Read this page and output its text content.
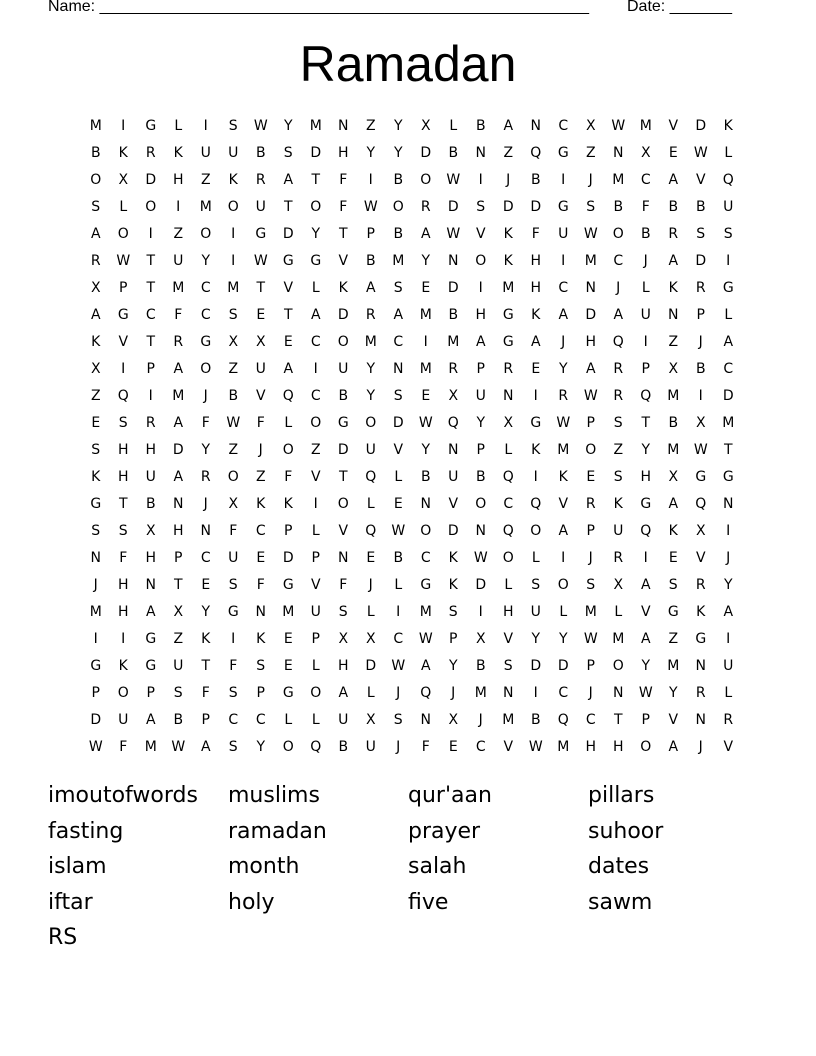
Name: _______________________________________________________ Date: _______
Ramadan
M	I	G	L	I	S	W	Y	M	N	Z	Y	X	L	B	A	N	C	X	W	M	V	D	K
B	K	R	K	U	U	B	S	D	H	Y	Y	D	B	N	Z	Q	G	Z	N	X	E	W	L
O	X	D	H	Z	K	R	A	T	F	I	B	O	W	I	J	B	I	J	M	C	A	V	Q
S	L	O	I	M	O	U	T	O	F	W	O	R	D	S	D	D	G	S	B	F	B	B	U
A	O	I	Z	O	I	G	D	Y	T	P	B	A	W	V	K	F	U	W	O	B	R	S	S
R	W	T	U	Y	I	W	G	G	V	B	M	Y	N	O	K	H	I	M	C	J	A	D	I
X	P	T	M	C	M	T	V	L	K	A	S	E	D	I	M	H	C	N	J	L	K	R	G
A	G	C	F	C	S	E	T	A	D	R	A	M	B	H	G	K	A	D	A	U	N	P	L
K	V	T	R	G	X	X	E	C	O	M	C	I	M	A	G	A	J	H	Q	I	Z	J	A
X	I	P	A	O	Z	U	A	I	U	Y	N	M	R	P	R	E	Y	A	R	P	X	B	C
Z	Q	I	M	J	B	V	Q	C	B	Y	S	E	X	U	N	I	R	W	R	Q	M	I	D
E	S	R	A	F	W	F	L	O	G	O	D	W	Q	Y	X	G	W	P	S	T	B	X	M
S	H	H	D	Y	Z	J	O	Z	D	U	V	Y	N	P	L	K	M	O	Z	Y	M	W	T
K	H	U	A	R	O	Z	F	V	T	Q	L	B	U	B	Q	I	K	E	S	H	X	G	G
G	T	B	N	J	X	K	K	I	O	L	E	N	V	O	C	Q	V	R	K	G	A	Q	N
S	S	X	H	N	F	C	P	L	V	Q	W	O	D	N	Q	O	A	P	U	Q	K	X	I
N	F	H	P	C	U	E	D	P	N	E	B	C	K	W	O	L	I	J	R	I	E	V	J
J	H	N	T	E	S	F	G	V	F	J	L	G	K	D	L	S	O	S	X	A	S	R	Y
M	H	A	X	Y	G	N	M	U	S	L	I	M	S	I	H	U	L	M	L	V	G	K	A
I	I	G	Z	K	I	K	E	P	X	X	C	W	P	X	V	Y	Y	W	M	A	Z	G	I
G	K	G	U	T	F	S	E	L	H	D	W	A	Y	B	S	D	D	P	O	Y	M	N	U
P	O	P	S	F	S	P	G	O	A	L	J	Q	J	M	N	I	C	J	N	W	Y	R	L
D	U	A	B	P	C	C	L	L	U	X	S	N	X	J	M	B	Q	C	T	P	V	N	R
W	F	M	W	A	S	Y	O	Q	B	U	J	F	E	C	V	W	M	H	H	O	A	J	V
imoutofwords	muslims	qur'aan	pillars
fasting	ramadan	prayer	suhoor
islam	month	salah	dates
iftar	holy	five	sawm
RS
